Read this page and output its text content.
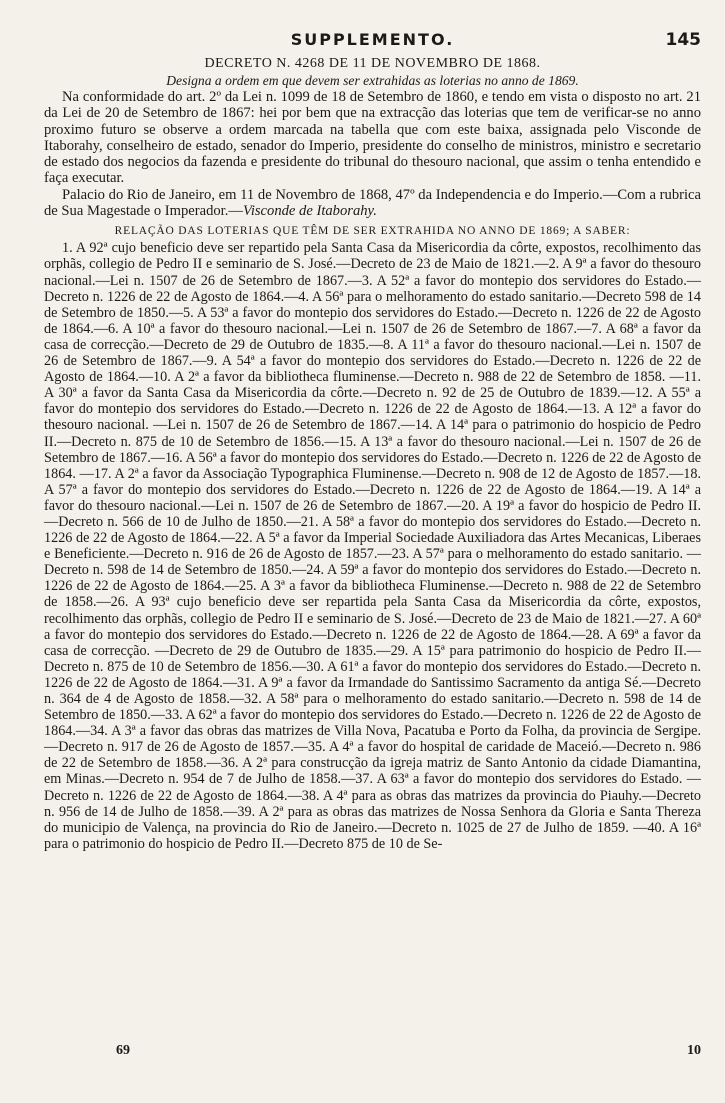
SUPPLEMENTO.	145
DECRETO N. 4268 DE 11 DE NOVEMBRO DE 1868.
Designa a ordem em que devem ser extrahidas as loterias no anno de 1869.

Na conformidade do art. 2º da Lei n. 1099 de 18 de Setembro de 1860, e tendo em vista o disposto no art. 21 da Lei de 20 de Setembro de 1867: hei por bem que na extracção das loterias que tem de verificar-se no anno proximo futuro se observe a ordem marcada na tabella que com este baixa, assignada pelo Visconde de Itaborahy, conselheiro de estado, senador do Imperio, presidente do conselho de ministros, ministro e secretario de estado dos negocios da fazenda e presidente do tribunal do thesouro nacional, que assim o tenha entendido e faça executar.

Palacio do Rio de Janeiro, em 11 de Novembro de 1868, 47º da Independencia e do Imperio.—Com a rubrica de Sua Magestade o Imperador.—Visconde de Itaborahy.

RELAÇÃO DAS LOTERIAS QUE TÊM DE SER EXTRAHIDA NO ANNO DE 1869; A SABER:

1. A 92ª cujo beneficio deve ser repartido pela Santa Casa da Misericordia da côrte, expostos, recolhimento das orphãs, collegio de Pedro II e seminario de S. José.—Decreto de 23 de Maio de 1821.—2. A 9ª a favor do thesouro nacional.—Lei n. 1507 de 26 de Setembro de 1867.—3. A 52ª a favor do montepio dos servidores do Estado.—Decreto n. 1226 de 22 de Agosto de 1864.—4. A 56ª para o melhoramento do estado sanitario.—Decreto 598 de 14 de Setembro de 1850.—5. A 53ª a favor do montepio dos servidores do Estado.—Decreto n. 1226 de 22 de Agosto de 1864.—6. A 10ª a favor do thesouro nacional.—Lei n. 1507 de 26 de Setembro de 1867.—7. A 68ª a favor da casa de correcção.—Decreto de 29 de Outubro de 1835.—8. A 11ª a favor do thesouro nacional.—Lei n. 1507 de 26 de Setembro de 1867.—9. A 54ª a favor do montepio dos servidores do Estado.—Decreto n. 1226 de 22 de Agosto de 1864.—10. A 2ª a favor da bibliotheca fluminense.—Decreto n. 988 de 22 de Setembro de 1858. —11. A 30ª a favor da Santa Casa da Misericordia da côrte.—Decreto n. 92 de 25 de Outubro de 1839.—12. A 55ª a favor do montepio dos servidores do Estado.—Decreto n. 1226 de 22 de Agosto de 1864.—13. A 12ª a favor do thesouro nacional. —Lei n. 1507 de 26 de Setembro de 1867.—14. A 14ª para o patrimonio do hospicio de Pedro II.—Decreto n. 875 de 10 de Setembro de 1856.—15. A 13ª a favor do thesouro nacional.—Lei n. 1507 de 26 de Setembro de 1867.—16. A 56ª a favor do montepio dos servidores do Estado.—Decreto n. 1226 de 22 de Agosto de 1864. —17. A 2ª a favor da Associação Typographica Fluminense.—Decreto n. 908 de 12 de Agosto de 1857.—18. A 57ª a favor do montepio dos servidores do Estado.—Decreto n. 1226 de 22 de Agosto de 1864.—19. A 14ª a favor do thesouro nacional.—Lei n. 1507 de 26 de Setembro de 1867.—20. A 19ª a favor do hospicio de Pedro II. —Decreto n. 566 de 10 de Julho de 1850.—21. A 58ª a favor do montepio dos servidores do Estado.—Decreto n. 1226 de 22 de Agosto de 1864.—22. A 5ª a favor da Imperial Sociedade Auxiliadora das Artes Mecanicas, Liberaes e Beneficiente.—Decreto n. 916 de 26 de Agosto de 1857.—23. A 57ª para o melhoramento do estado sanitario. —Decreto n. 598 de 14 de Setembro de 1850.—24. A 59ª a favor do montepio dos servidores do Estado.—Decreto n. 1226 de 22 de Agosto de 1864.—25. A 3ª a favor da bibliotheca Fluminense.—Decreto n. 988 de 22 de Setembro de 1858.—26. A 93ª cujo beneficio deve ser repartida pela Santa Casa da Misericordia da côrte, expostos, recolhimento das orphãs, collegio de Pedro II e seminario de S. José.—Decreto de 23 de Maio de 1821.—27. A 60ª a favor do montepio dos servidores do Estado.—Decreto n. 1226 de 22 de Agosto de 1864.—28. A 69ª a favor da casa de correcção. —Decreto de 29 de Outubro de 1835.—29. A 15ª para patrimonio do hospicio de Pedro II.—Decreto n. 875 de 10 de Setembro de 1856.—30. A 61ª a favor do montepio dos servidores do Estado.—Decreto n. 1226 de 22 de Agosto de 1864.—31. A 9ª a favor da Irmandade do Santissimo Sacramento da antiga Sé.—Decreto n. 364 de 4 de Agosto de 1858.—32. A 58ª para o melhoramento do estado sanitario.—Decreto n. 598 de 14 de Setembro de 1850.—33. A 62ª a favor do montepio dos servidores do Estado.—Decreto n. 1226 de 22 de Agosto de 1864.—34. A 3ª a favor das obras das matrizes de Villa Nova, Pacatuba e Porto da Folha, da provincia de Sergipe.—Decreto n. 917 de 26 de Agosto de 1857.—35. A 4ª a favor do hospital de caridade de Maceió.—Decreto n. 986 de 22 de Setembro de 1858.—36. A 2ª para construcção da igreja matriz de Santo Antonio da cidade Diamantina, em Minas.—Decreto n. 954 de 7 de Julho de 1858.—37. A 63ª a favor do montepio dos servidores do Estado. —Decreto n. 1226 de 22 de Agosto de 1864.—38. A 4ª para as obras das matrizes da provincia do Piauhy.—Decreto n. 956 de 14 de Julho de 1858.—39. A 2ª para as obras das matrizes de Nossa Senhora da Gloria e Santa Thereza do municipio de Valença, na provincia do Rio de Janeiro.—Decreto n. 1025 de 27 de Julho de 1859. —40. A 16ª para o patrimonio do hospicio de Pedro II.—Decreto 875 de 10 de Se-

69	10
